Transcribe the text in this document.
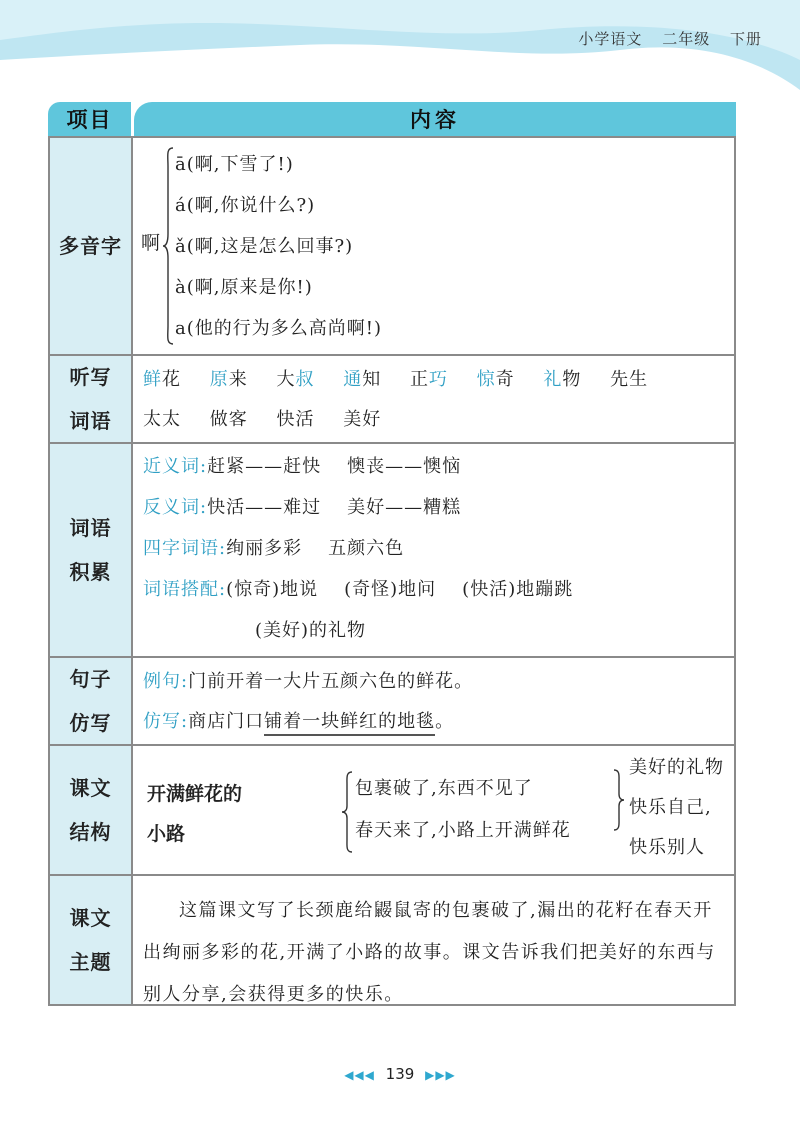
小学语文 二年级 下册
项目	内容
多音字	啊
ā(啊,下雪了!)
á(啊,你说什么?)
ǎ(啊,这是怎么回事?)
à(啊,原来是你!)
a(他的行为多么高尚啊!)
听写
词语
鲜花 原来 大叔 通知 正巧 惊奇 礼物 先生
太太 做客 快活 美好
词语
积累
近义词:赶紧——赶快 懊丧——懊恼
反义词:快活——难过 美好——糟糕
四字词语:绚丽多彩 五颜六色
词语搭配:(惊奇)地说 (奇怪)地问 (快活)地蹦跳
(美好)的礼物
句子
仿写
例句:门前开着一大片五颜六色的鲜花。
仿写:商店门口铺着一块鲜红的地毯。
课文
结构
开满鲜花的
小路
包裹破了,东西不见了
春天来了,小路上开满鲜花
美好的礼物
快乐自己,
快乐别人
课文
主题
这篇课文写了长颈鹿给鼹鼠寄的包裹破了,漏出的花籽在春天开出绚丽多彩的花,开满了小路的故事。课文告诉我们把美好的东西与别人分享,会获得更多的快乐。
◀◀◀ 139 ▶▶▶
